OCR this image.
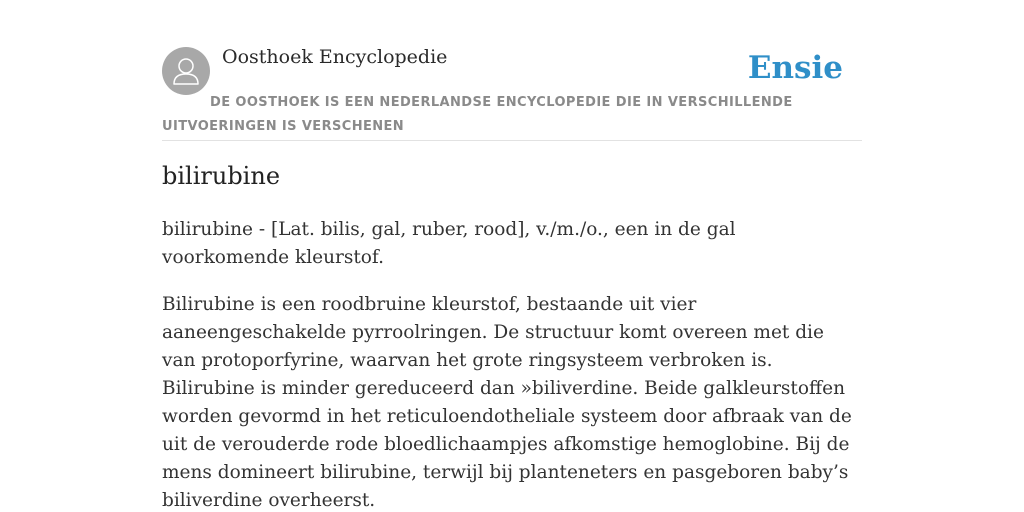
Oosthoek Encyclopedie	Ensie
DE OOSTHOEK IS EEN NEDERLANDSE ENCYCLOPEDIE DIE IN VERSCHILLENDE UITVOERINGEN IS VERSCHENEN
bilirubine

bilirubine - [Lat. bilis, gal, ruber, rood], v./m./o., een in de gal voorkomende kleurstof.

Bilirubine is een roodbruine kleurstof, bestaande uit vier aaneengeschakelde pyrroolringen. De structuur komt overeen met die van protoporfyrine, waarvan het grote ringsysteem verbroken is. Bilirubine is minder gereduceerd dan »biliverdine. Beide galkleurstoffen worden gevormd in het reticuloendotheliale systeem door afbraak van de uit de verouderde rode bloedlichaampjes afkomstige hemoglobine. Bij de mens domineert bilirubine, terwijl bij planteneters en pasgeboren baby’s biliverdine overheerst.
